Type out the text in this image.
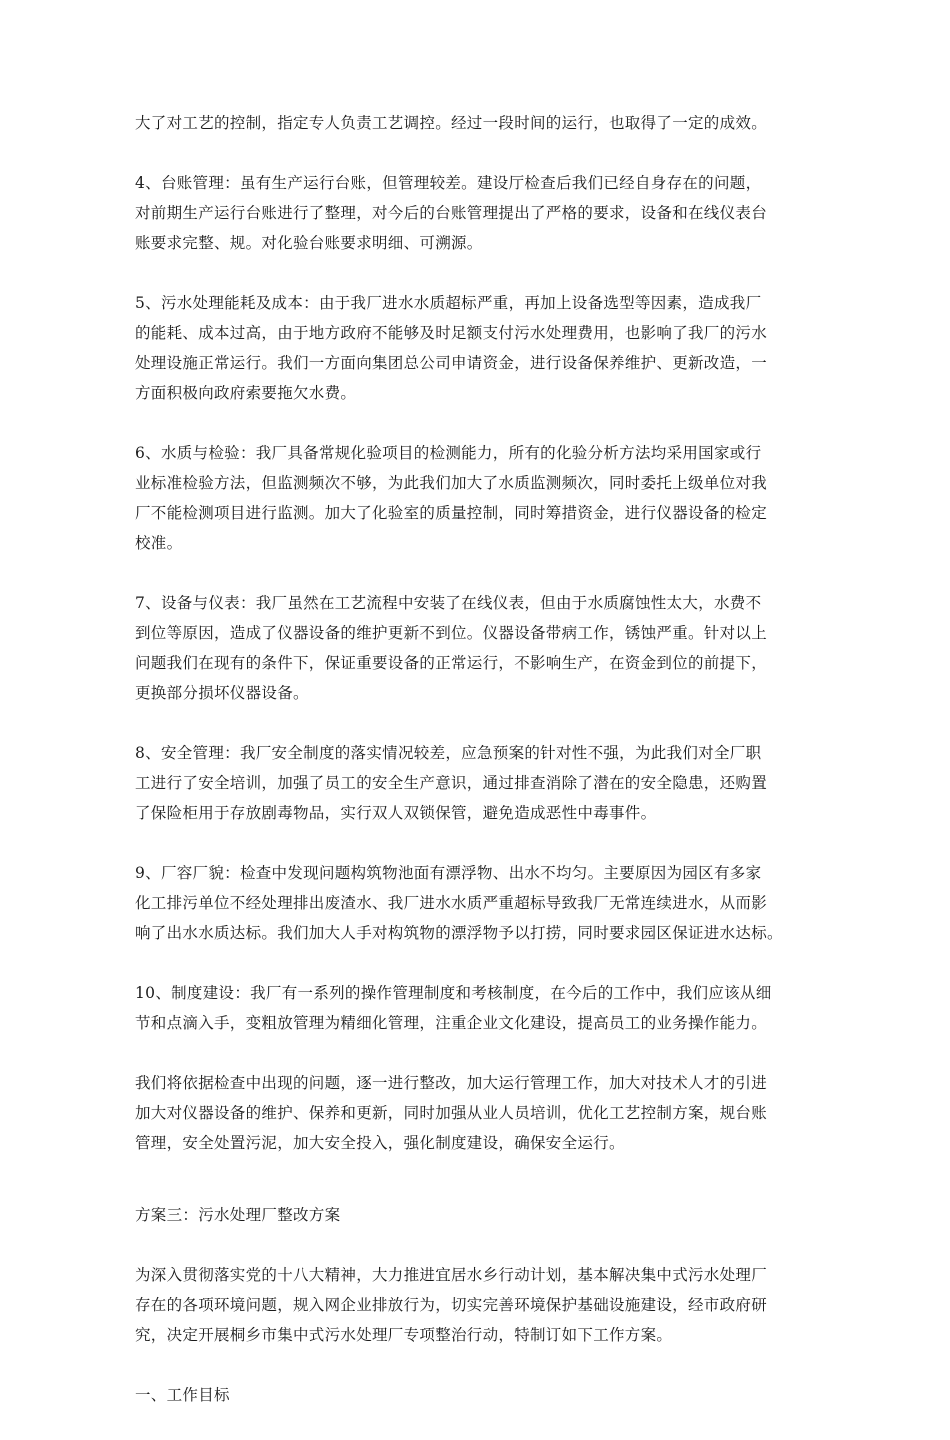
大了对工艺的控制，指定专人负责工艺调控。经过一段时间的运行，也取得了一定的成效。

4、台账管理：虽有生产运行台账，但管理较差。建设厅检查后我们已经自身存在的问题，
对前期生产运行台账进行了整理，对今后的台账管理提出了严格的要求，设备和在线仪表台
账要求完整、规。对化验台账要求明细、可溯源。

5、污水处理能耗及成本：由于我厂进水水质超标严重，再加上设备选型等因素，造成我厂
的能耗、成本过高，由于地方政府不能够及时足额支付污水处理费用，也影响了我厂的污水
处理设施正常运行。我们一方面向集团总公司申请资金，进行设备保养维护、更新改造，一
方面积极向政府索要拖欠水费。

6、水质与检验：我厂具备常规化验项目的检测能力，所有的化验分析方法均采用国家或行
业标准检验方法，但监测频次不够，为此我们加大了水质监测频次，同时委托上级单位对我
厂不能检测项目进行监测。加大了化验室的质量控制，同时筹措资金，进行仪器设备的检定
校准。

7、设备与仪表：我厂虽然在工艺流程中安装了在线仪表，但由于水质腐蚀性太大，水费不
到位等原因，造成了仪器设备的维护更新不到位。仪器设备带病工作，锈蚀严重。针对以上
问题我们在现有的条件下，保证重要设备的正常运行，不影响生产，在资金到位的前提下，
更换部分损坏仪器设备。

8、安全管理：我厂安全制度的落实情况较差，应急预案的针对性不强，为此我们对全厂职
工进行了安全培训，加强了员工的安全生产意识，通过排查消除了潜在的安全隐患，还购置
了保险柜用于存放剧毒物品，实行双人双锁保管，避免造成恶性中毒事件。

9、厂容厂貌：检查中发现问题构筑物池面有漂浮物、出水不均匀。主要原因为园区有多家
化工排污单位不经处理排出废渣水、我厂进水水质严重超标导致我厂无常连续进水，从而影
响了出水水质达标。我们加大人手对构筑物的漂浮物予以打捞，同时要求园区保证进水达标。

10、制度建设：我厂有一系列的操作管理制度和考核制度，在今后的工作中，我们应该从细
节和点滴入手，变粗放管理为精细化管理，注重企业文化建设，提高员工的业务操作能力。

我们将依据检查中出现的问题，逐一进行整改，加大运行管理工作，加大对技术人才的引进
加大对仪器设备的维护、保养和更新，同时加强从业人员培训，优化工艺控制方案，规台账
管理，安全处置污泥，加大安全投入，强化制度建设，确保安全运行。

方案三：污水处理厂整改方案

为深入贯彻落实党的十八大精神，大力推进宜居水乡行动计划，基本解决集中式污水处理厂
存在的各项环境问题，规入网企业排放行为，切实完善环境保护基础设施建设，经市政府研
究，决定开展桐乡市集中式污水处理厂专项整治行动，特制订如下工作方案。

一、工作目标
